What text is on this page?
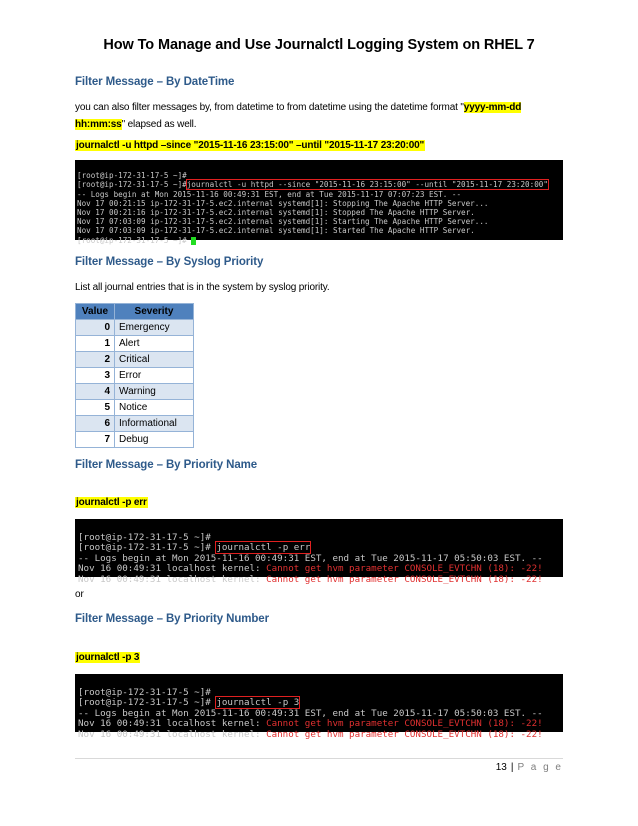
How To Manage and Use Journalctl Logging System on RHEL 7
Filter Message – By DateTime
you can also filter messages by, from datetime to from datetime using the datetime format "yyyy-mm-dd hh:mm:ss" elapsed as well.
journalctl -u httpd –since "2015-11-16 23:15:00" –until "2015-11-17 23:20:00"

[root@ip-172-31-17-5 ~]#
[root@ip-172-31-17-5 ~]#journalctl -u httpd --since "2015-11-16 23:15:00" --until "2015-11-17 23:20:00"
-- Logs begin at Mon 2015-11-16 00:49:31 EST, end at Tue 2015-11-17 07:07:23 EST. --
Nov 17 00:21:15 ip-172-31-17-5.ec2.internal systemd[1]: Stopping The Apache HTTP Server...
Nov 17 00:21:16 ip-172-31-17-5.ec2.internal systemd[1]: Stopped The Apache HTTP Server.
Nov 17 07:03:09 ip-172-31-17-5.ec2.internal systemd[1]: Starting The Apache HTTP Server...
Nov 17 07:03:09 ip-172-31-17-5.ec2.internal systemd[1]: Started The Apache HTTP Server.
[root@ip-172-31-17-5 ~]#

Filter Message – By Syslog Priority
List all journal entries that is in the system by syslog priority.
Value	Severity
0	Emergency
1	Alert
2	Critical
3	Error
4	Warning
5	Notice
6	Informational
7	Debug
Filter Message – By Priority Name
journalctl -p err

[root@ip-172-31-17-5 ~]#
[root@ip-172-31-17-5 ~]# journalctl -p err
-- Logs begin at Mon 2015-11-16 00:49:31 EST, end at Tue 2015-11-17 05:50:03 EST. --
Nov 16 00:49:31 localhost kernel: Cannot get hvm parameter CONSOLE_EVTCHN (18): -22!
Nov 16 00:49:31 localhost kernel: Cannot get hvm parameter CONSOLE_EVTCHN (18): -22!

or
Filter Message – By Priority Number
journalctl -p 3

[root@ip-172-31-17-5 ~]#
[root@ip-172-31-17-5 ~]# journalctl -p 3
-- Logs begin at Mon 2015-11-16 00:49:31 EST, end at Tue 2015-11-17 05:50:03 EST. --
Nov 16 00:49:31 localhost kernel: Cannot get hvm parameter CONSOLE_EVTCHN (18): -22!
Nov 16 00:49:31 localhost kernel: Cannot get hvm parameter CONSOLE_EVTCHN (18): -22!

13 | P a g e
